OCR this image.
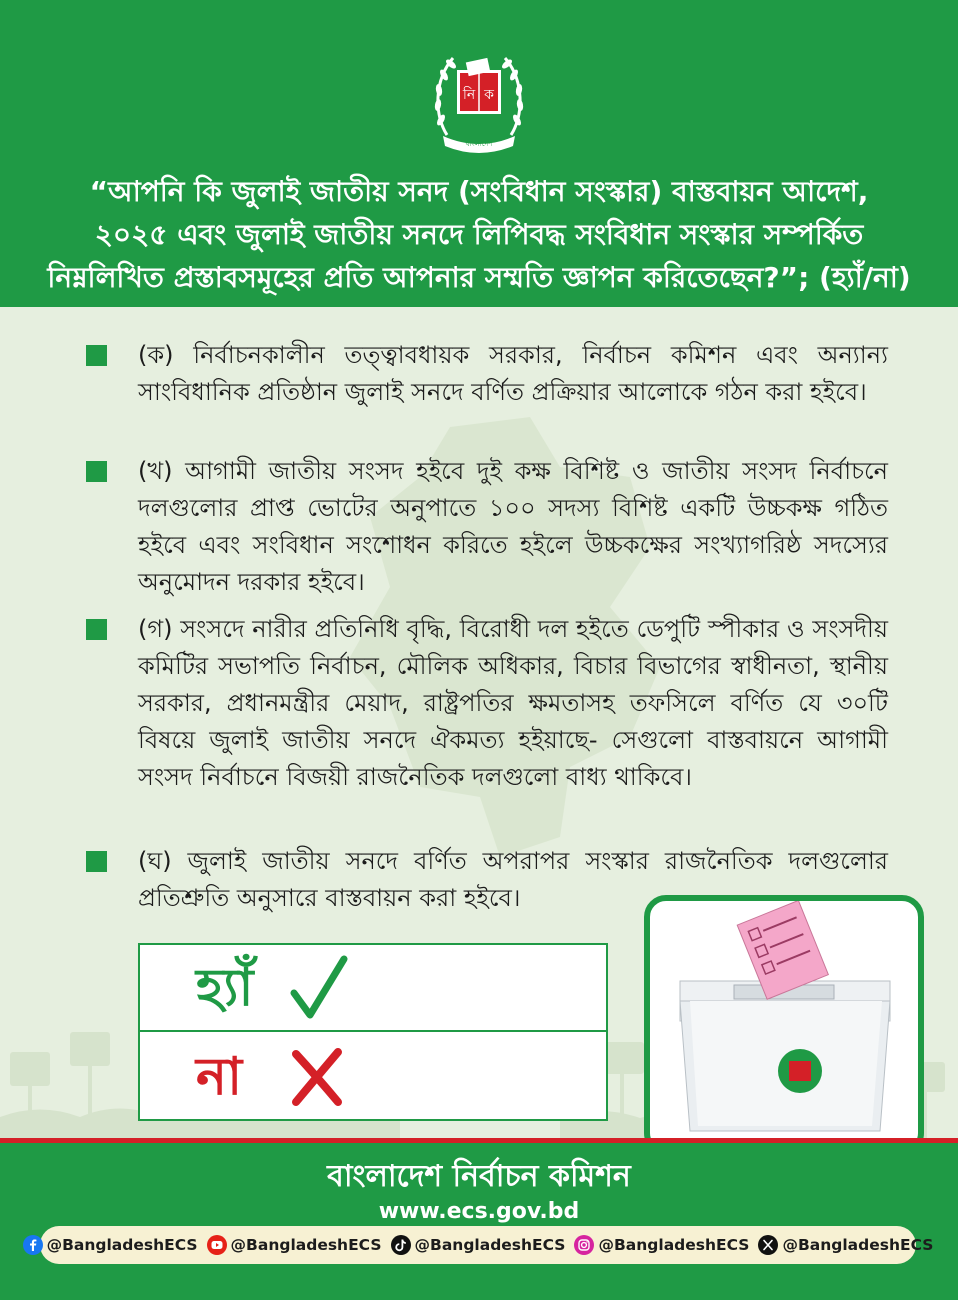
নি ক
বাংলাদেশ
“আপনি কি জুলাই জাতীয় সনদ (সংবিধান সংস্কার) বাস্তবায়ন আদেশ,
২০২৫ এবং জুলাই জাতীয় সনদে লিপিবদ্ধ সংবিধান সংস্কার সম্পর্কিত
নিম্নলিখিত প্রস্তাবসমূহের প্রতি আপনার সম্মতি জ্ঞাপন করিতেছেন?”; (হ্যাঁ/না)
(ক) নির্বাচনকালীন তত্ত্বাবধায়ক সরকার, নির্বাচন কমিশন এবং অন্যান্য সাংবিধানিক প্রতিষ্ঠান জুলাই সনদে বর্ণিত প্রক্রিয়ার আলোকে গঠন করা হইবে।
(খ) আগামী জাতীয় সংসদ হইবে দুই কক্ষ বিশিষ্ট ও জাতীয় সংসদ নির্বাচনে দলগুলোর প্রাপ্ত ভোটের অনুপাতে ১০০ সদস্য বিশিষ্ট একটি উচ্চকক্ষ গঠিত হইবে এবং সংবিধান সংশোধন করিতে হইলে উচ্চকক্ষের সংখ্যাগরিষ্ঠ সদস্যের অনুমোদন দরকার হইবে।
(গ) সংসদে নারীর প্রতিনিধি বৃদ্ধি, বিরোধী দল হইতে ডেপুটি স্পীকার ও সংসদীয় কমিটির সভাপতি নির্বাচন, মৌলিক অধিকার, বিচার বিভাগের স্বাধীনতা, স্থানীয় সরকার, প্রধানমন্ত্রীর মেয়াদ, রাষ্ট্রপতির ক্ষমতাসহ তফসিলে বর্ণিত যে ৩০টি বিষয়ে জুলাই জাতীয় সনদে ঐকমত্য হইয়াছে- সেগুলো বাস্তবায়নে আগামী সংসদ নির্বাচনে বিজয়ী রাজনৈতিক দলগুলো বাধ্য থাকিবে।
(ঘ) জুলাই জাতীয় সনদে বর্ণিত অপরাপর সংস্কার রাজনৈতিক দলগুলোর প্রতিশ্রুতি অনুসারে বাস্তবায়ন করা হইবে।
হ্যাঁ
না
বাংলাদেশ নির্বাচন কমিশন
www.ecs.gov.bd
@BangladeshECS @BangladeshECS @BangladeshECS @BangladeshECS @BangladeshECS
